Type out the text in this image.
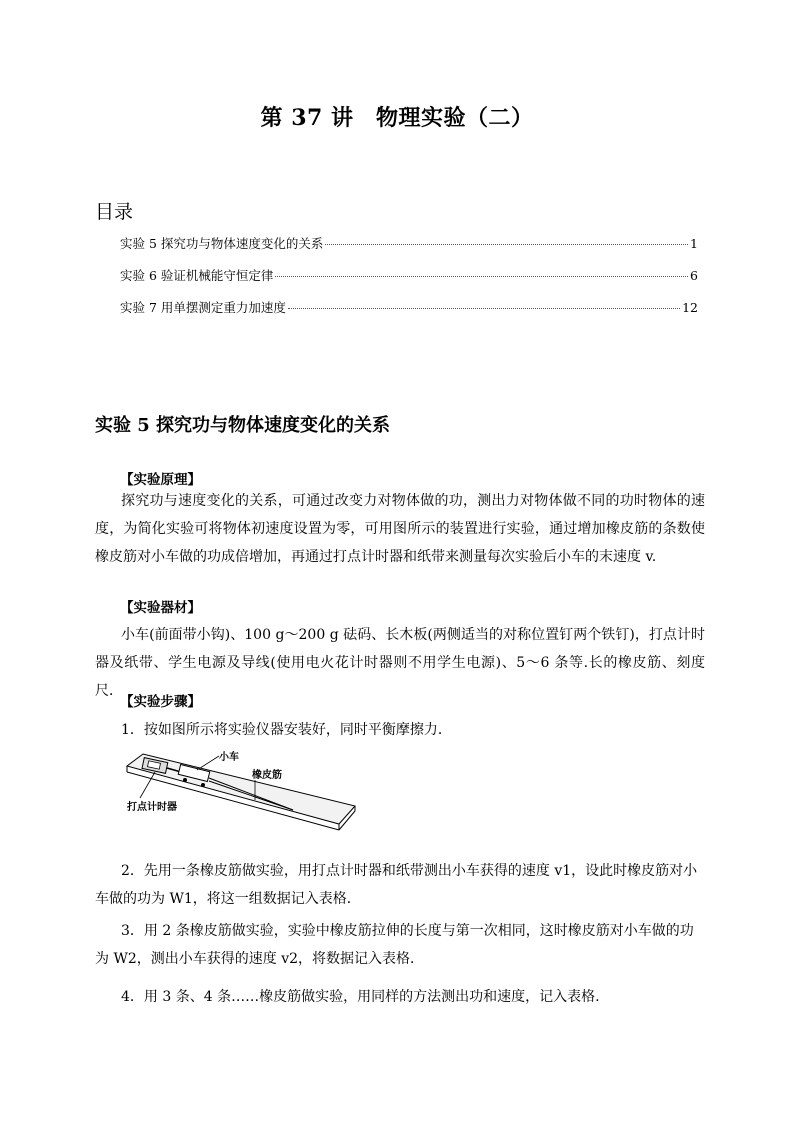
第 37 讲　物理实验（二）
目录
实验 5 探究功与物体速度变化的关系	1
实验 6 验证机械能守恒定律	6
实验 7 用单摆测定重力加速度	12
实验 5 探究功与物体速度变化的关系
【实验原理】
探究功与速度变化的关系，可通过改变力对物体做的功，测出力对物体做不同的功时物体的速度，为简化实验可将物体初速度设置为零，可用图所示的装置进行实验，通过增加橡皮筋的条数使橡皮筋对小车做的功成倍增加，再通过打点计时器和纸带来测量每次实验后小车的末速度 v.
【实验器材】
小车(前面带小钩)、100 g～200 g 砝码、长木板(两侧适当的对称位置钉两个铁钉)，打点计时器及纸带、学生电源及导线(使用电火花计时器则不用学生电源)、5～6 条等.长的橡皮筋、刻度尺．
【实验步骤】
1．按如图所示将实验仪器安装好，同时平衡摩擦力．
小车
橡皮筋
打点计时器
2．先用一条橡皮筋做实验，用打点计时器和纸带测出小车获得的速度 v1，设此时橡皮筋对小车做的功为 W1，将这一组数据记入表格．
3．用 2 条橡皮筋做实验，实验中橡皮筋拉伸的长度与第一次相同，这时橡皮筋对小车做的功为 W2，测出小车获得的速度 v2，将数据记入表格．
4．用 3 条、4 条……橡皮筋做实验，用同样的方法测出功和速度，记入表格.
